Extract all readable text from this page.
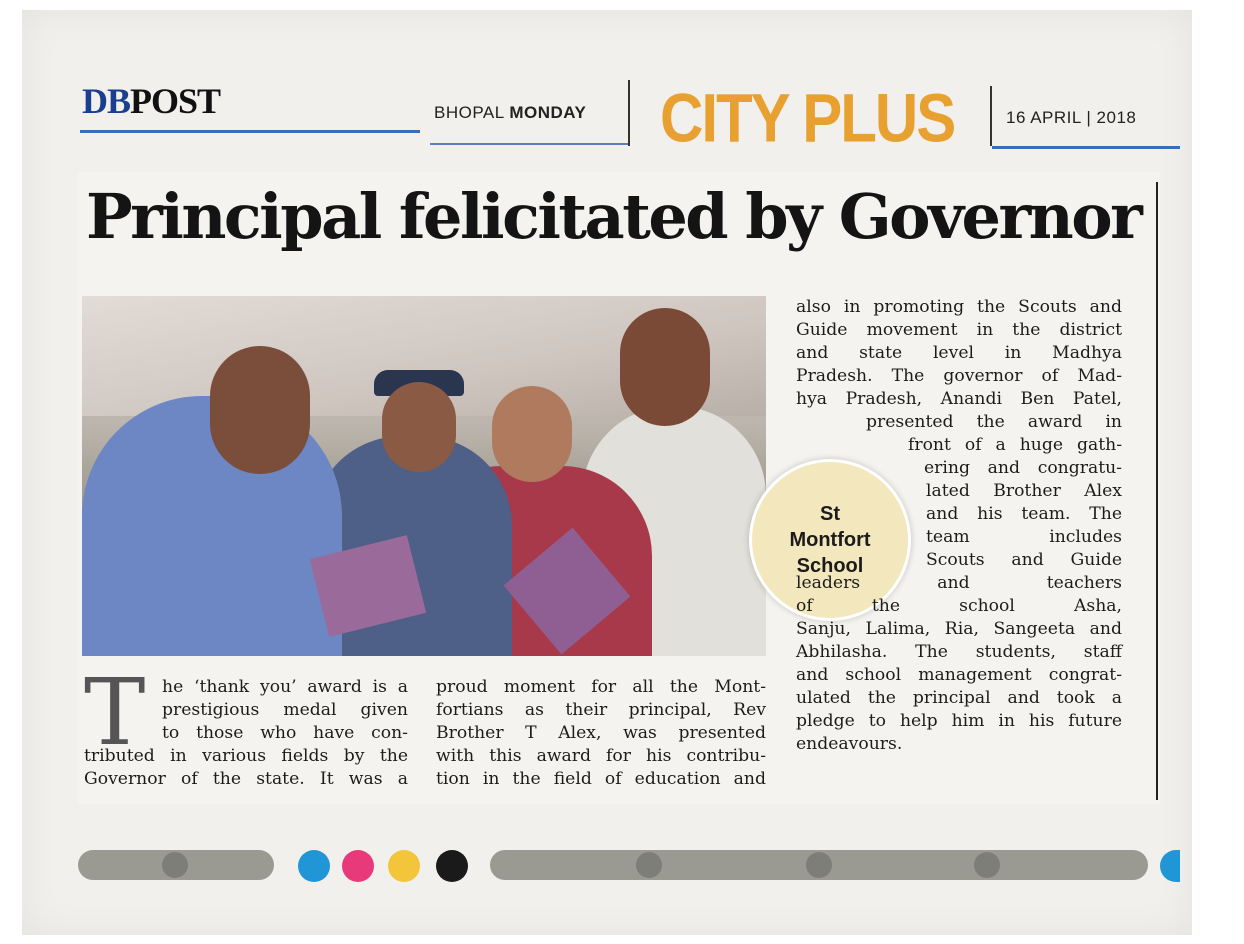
DBPOST	BHOPAL MONDAY CITY PLUS	16 APRIL | 2018
Principal felicitated by Governor
St
Montfort
School
T he ‘thank you’ award is a
prestigious medal given
to those who have con-
tributed in various fields by the
Governor of the state. It was a
proud moment for all the Mont-
fortians as their principal, Rev
Brother T Alex, was presented
with this award for his contribu-
tion in the field of education and
also in promoting the Scouts and
Guide movement in the district
and state level in Madhya
Pradesh. The governor of Mad-
hya Pradesh, Anandi Ben Patel,
presented the award in
front of a huge gath-
ering and congratu-
lated Brother Alex
and his team. The
team includes
Scouts and Guide
leaders and teachers
of the school Asha,
Sanju, Lalima, Ria, Sangeeta and
Abhilasha. The students, staff
and school management congrat-
ulated the principal and took a
pledge to help him in his future
endeavours.
